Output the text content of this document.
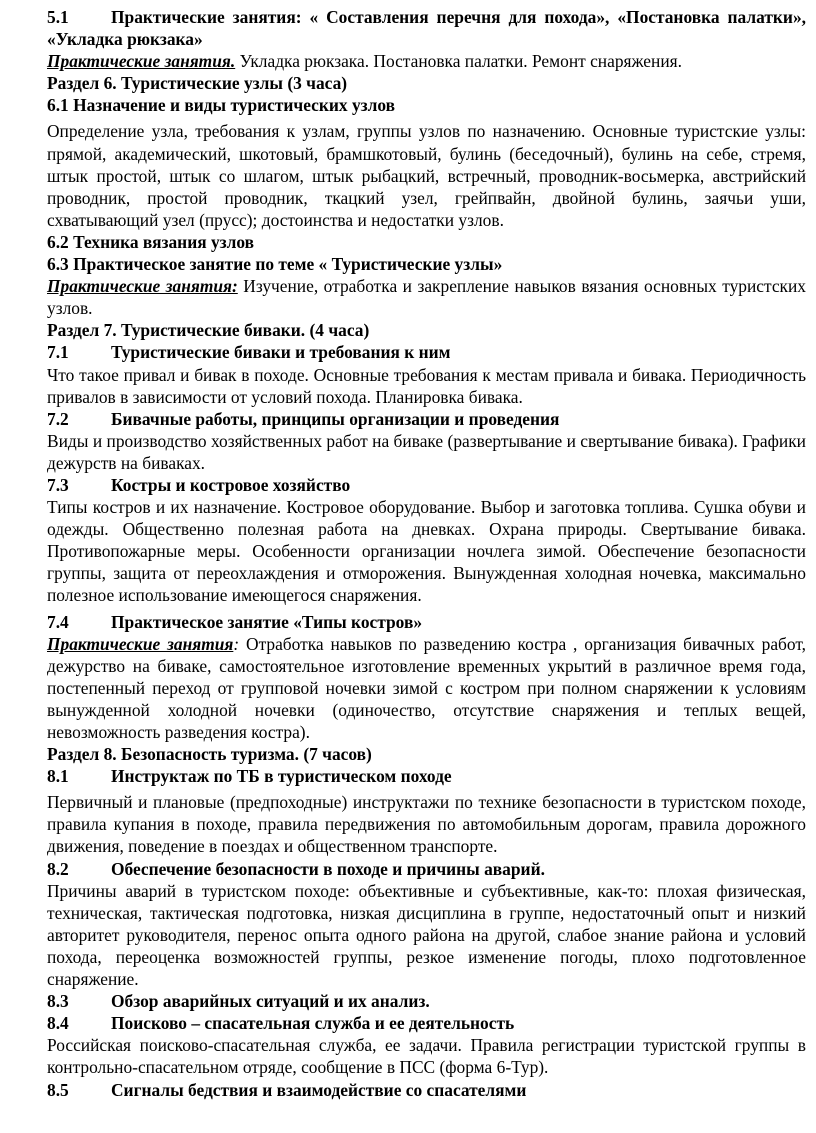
5.1 Практические занятия: « Составления перечня для похода», «Постановка палатки», «Укладка рюкзака»

Практические занятия. Укладка рюкзака. Постановка палатки. Ремонт снаряжения.

Раздел 6. Туристические узлы (3 часа)

6.1 Назначение и виды туристических узлов

Определение узла, требования к узлам, группы узлов по назначению. Основные туристские узлы: прямой, академический, шкотовый, брамшкотовый, булинь (беседочный), булинь на себе, стремя, штык простой, штык со шлагом, штык рыбацкий, встречный, проводник-восьмерка, австрийский проводник, простой проводник, ткацкий узел, грейпвайн, двойной булинь, заячьи уши, схватывающий узел (прусс); достоинства и недостатки узлов.

6.2 Техника вязания узлов

6.3 Практическое занятие по теме « Туристические узлы»

Практические занятия: Изучение, отработка и закрепление навыков вязания основных туристских узлов.

Раздел 7. Туристические биваки. (4 часа)

7.1 Туристические биваки и требования к ним

Что такое привал и бивак в походе. Основные требования к местам привала и бивака. Периодичность привалов в зависимости от условий похода. Планировка бивака.

7.2 Бивачные работы, принципы организации и проведения

Виды и производство хозяйственных работ на биваке (развертывание и свертывание бивака). Графики дежурств на биваках.

7.3 Костры и костровое хозяйство

Типы костров и их назначение. Костровое оборудование. Выбор и заготовка топлива. Сушка обуви и одежды. Общественно полезная работа на дневках. Охрана природы. Свертывание бивака. Противопожарные меры. Особенности организации ночлега зимой. Обеспечение безопасности группы, защита от переохлаждения и отморожения. Вынужденная холодная ночевка, максимально полезное использование имеющегося снаряжения.

7.4 Практическое занятие «Типы костров»

Практические занятия: Отработка навыков по разведению костра , организация бивачных работ, дежурство на биваке, самостоятельное изготовление временных укрытий в различное время года, постепенный переход от групповой ночевки зимой с костром при полном снаряжении к условиям вынужденной холодной ночевки (одиночество, отсутствие снаряжения и теплых вещей, невозможность разведения костра).

Раздел 8. Безопасность туризма. (7 часов)

8.1 Инструктаж по ТБ в туристическом походе

Первичный и плановые (предпоходные) инструктажи по технике безопасности в туристском походе, правила купания в походе, правила передвижения по автомобильным дорогам, правила дорожного движения, поведение в поездах и общественном транспорте.

8.2 Обеспечение безопасности в походе и причины аварий.

Причины аварий в туристском походе: объективные и субъективные, как-то: плохая физическая, техническая, тактическая подготовка, низкая дисциплина в группе, недостаточный опыт и низкий авторитет руководителя, перенос опыта одного района на другой, слабое знание района и условий похода, переоценка возможностей группы, резкое изменение погоды, плохо подготовленное снаряжение.

8.3 Обзор аварийных ситуаций и их анализ.

8.4 Поисково – спасательная служба и ее деятельность

Российская поисково-спасательная служба, ее задачи. Правила регистрации туристской группы в контрольно-спасательном отряде, сообщение в ПСС (форма 6-Тур).

8.5 Сигналы бедствия и взаимодействие со спасателями
